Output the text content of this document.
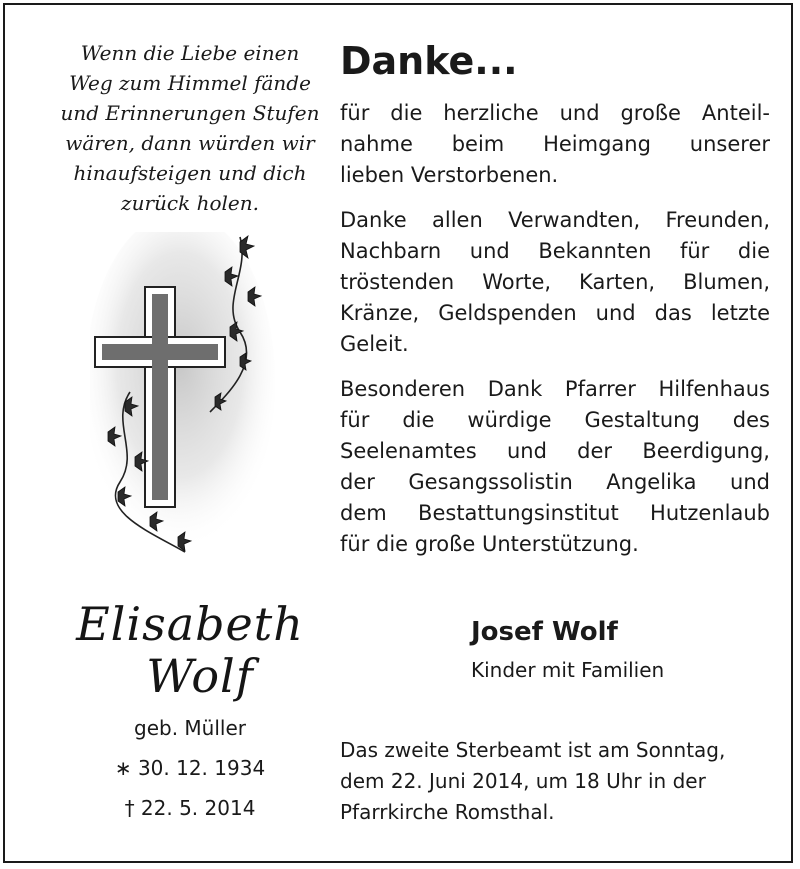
Wenn die Liebe einen
Weg zum Himmel fände
und Erinnerungen Stufen
wären, dann würden wir
hinaufsteigen und dich
zurück holen.
Elisabeth
Wolf
geb. Müller
∗ 30. 12. 1934
† 22. 5. 2014
Danke...
für die herzliche und große Anteil-
nahme beim Heimgang unserer
lieben Verstorbenen.
Danke allen Verwandten, Freunden,
Nachbarn und Bekannten für die
tröstenden Worte, Karten, Blumen,
Kränze, Geldspenden und das letzte
Geleit.
Besonderen Dank Pfarrer Hilfenhaus
für die würdige Gestaltung des
Seelenamtes und der Beerdigung,
der Gesangssolistin Angelika und
dem Bestattungsinstitut Hutzenlaub
für die große Unterstützung.
Josef Wolf
Kinder mit Familien
Das zweite Sterbeamt ist am Sonntag,
dem 22. Juni 2014, um 18 Uhr in der
Pfarrkirche Romsthal.
